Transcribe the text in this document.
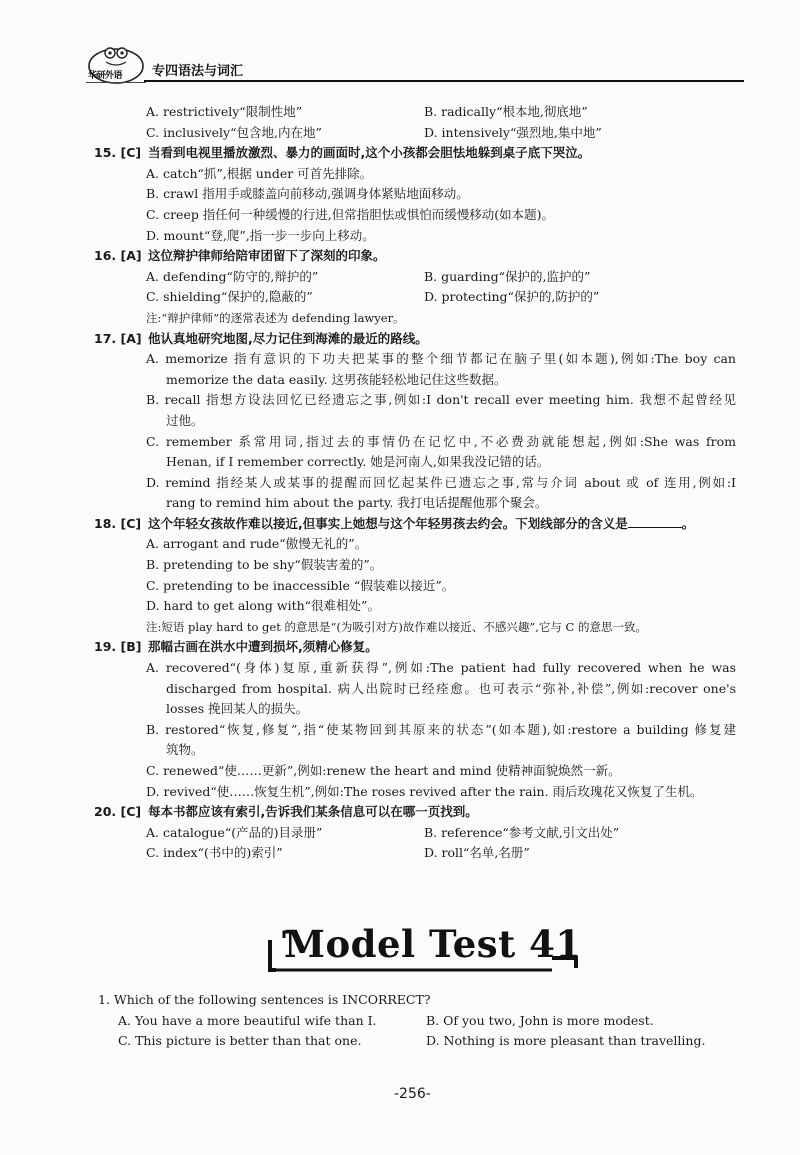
华研外语 专四语法与词汇
A. restrictively“限制性地”	B. radically“根本地,彻底地”
C. inclusively“包含地,内在地”	D. intensively“强烈地,集中地”
15. [C] 当看到电视里播放激烈、暴力的画面时,这个小孩都会胆怯地躲到桌子底下哭泣。
A. catch“抓”,根据 under 可首先排除。
B. crawl 指用手或膝盖向前移动,强调身体紧贴地面移动。
C. creep 指任何一种缓慢的行进,但常指胆怯或惧怕而缓慢移动(如本题)。
D. mount“登,爬”,指一步一步向上移动。
16. [A] 这位辩护律师给陪审团留下了深刻的印象。
A. defending“防守的,辩护的”	B. guarding“保护的,监护的”
C. shielding“保护的,隐蔽的”	D. protecting“保护的,防护的”
注:“辩护律师”的逐常表述为 defending lawyer。
17. [A] 他认真地研究地图,尽力记住到海滩的最近的路线。
A. memorize 指有意识的下功夫把某事的整个细节都记在脑子里(如本题),例如:The boy can
memorize the data easily. 这男孩能轻松地记住这些数据。
B. recall 指想方设法回忆已经遗忘之事,例如:I don't recall ever meeting him. 我想不起曾经见
过他。
C. remember 系常用词,指过去的事情仍在记忆中,不必费劲就能想起,例如:She was from
Henan, if I remember correctly. 她是河南人,如果我没记错的话。
D. remind 指经某人或某事的提醒而回忆起某件已遗忘之事,常与介词 about 或 of 连用,例如:I
rang to remind him about the party. 我打电话提醒他那个聚会。
18. [C] 这个年轻女孩故作难以接近,但事实上她想与这个年轻男孩去约会。下划线部分的含义是	。
A. arrogant and rude“傲慢无礼的”。
B. pretending to be shy“假装害羞的”。
C. pretending to be inaccessible “假装难以接近”。
D. hard to get along with“很难相处”。
注:短语 play hard to get 的意思是“(为吸引对方)故作难以接近、不感兴趣”,它与 C 的意思一致。
19. [B] 那幅古画在洪水中遭到损坏,须精心修复。
A. recovered“(身体)复原,重新获得”,例如:The patient had fully recovered when he was
discharged from hospital. 病人出院时已经痊愈。也可表示“弥补,补偿”,例如:recover one's
losses 挽回某人的损失。
B. restored“恢复,修复”,指“使某物回到其原来的状态”(如本题),如:restore a building 修复建
筑物。
C. renewed“使……更新”,例如:renew the heart and mind 使精神面貌焕然一新。
D. revived“使……恢复生机”,例如:The roses revived after the rain. 雨后玫瑰花又恢复了生机。
20. [C] 每本书都应该有索引,告诉我们某条信息可以在哪一页找到。
A. catalogue“(产品的)目录册”	B. reference“参考文献,引文出处”
C. index“(书中的)索引”	D. roll“名单,名册”
Model Test 41
1. Which of the following sentences is INCORRECT?
A. You have a more beautiful wife than I.	B. Of you two, John is more modest.
C. This picture is better than that one.	D. Nothing is more pleasant than travelling.
-256-
